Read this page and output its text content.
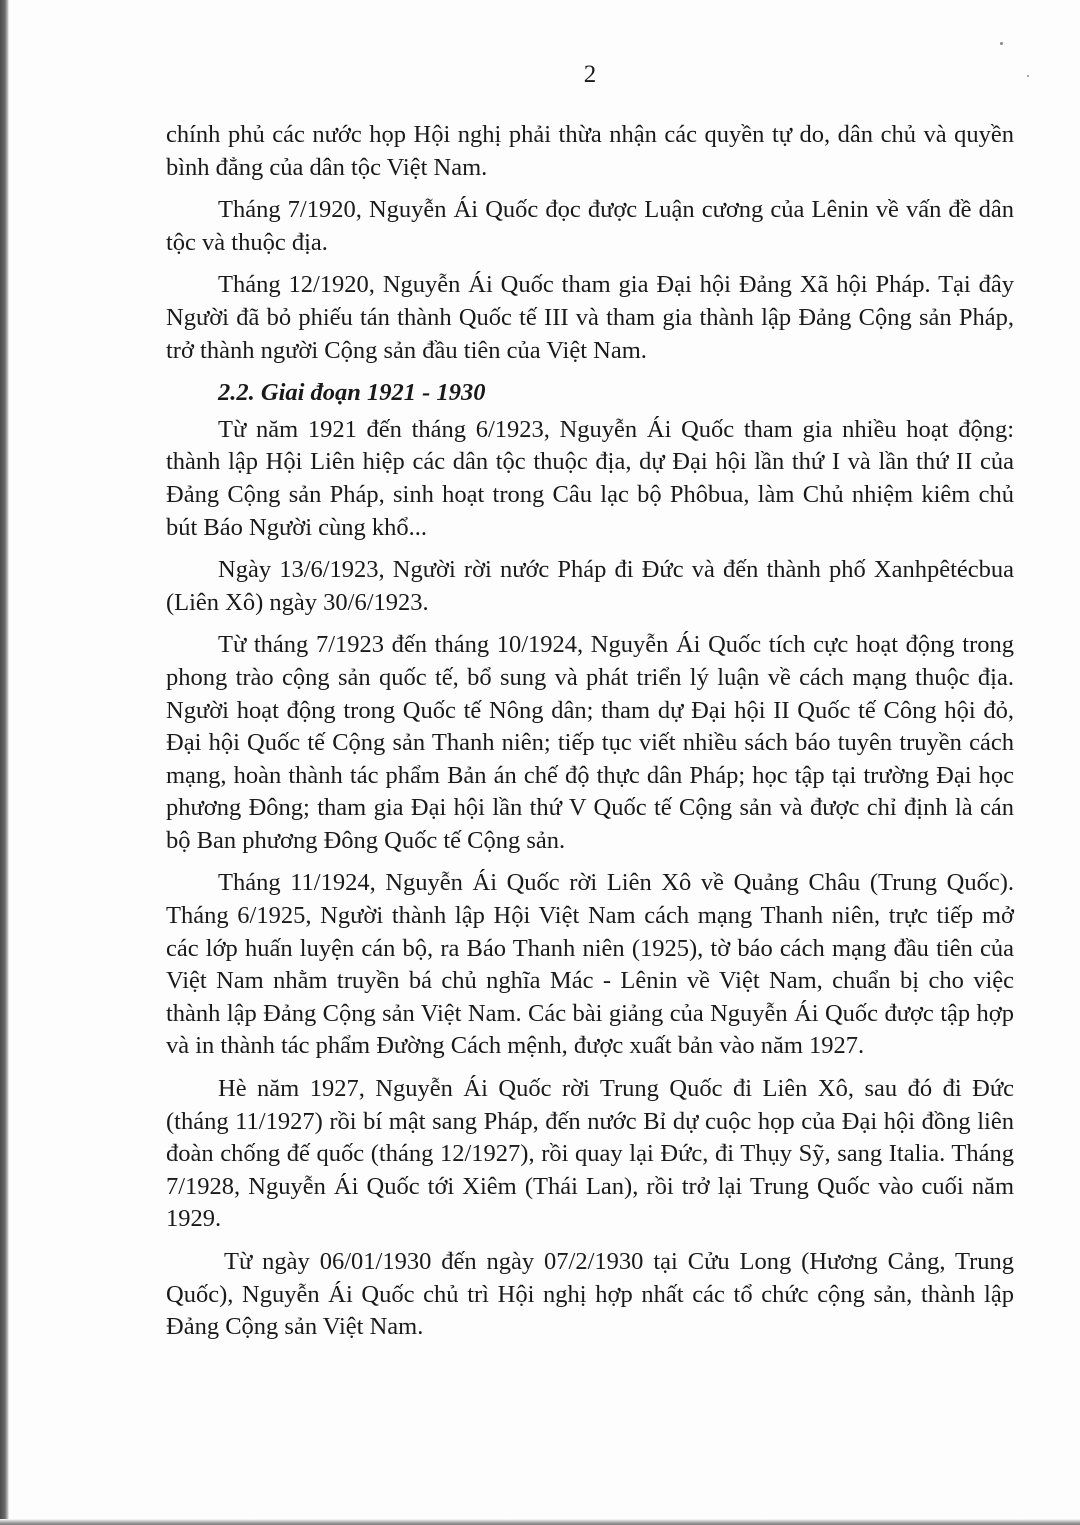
2

chính phủ các nước họp Hội nghị phải thừa nhận các quyền tự do, dân chủ và quyền bình đẳng của dân tộc Việt Nam.

Tháng 7/1920, Nguyễn Ái Quốc đọc được Luận cương của Lênin về vấn đề dân tộc và thuộc địa.

Tháng 12/1920, Nguyễn Ái Quốc tham gia Đại hội Đảng Xã hội Pháp. Tại đây Người đã bỏ phiếu tán thành Quốc tế III và tham gia thành lập Đảng Cộng sản Pháp, trở thành người Cộng sản đầu tiên của Việt Nam.

2.2. Giai đoạn 1921 - 1930

Từ năm 1921 đến tháng 6/1923, Nguyễn Ái Quốc tham gia nhiều hoạt động: thành lập Hội Liên hiệp các dân tộc thuộc địa, dự Đại hội lần thứ I và lần thứ II của Đảng Cộng sản Pháp, sinh hoạt trong Câu lạc bộ Phôbua, làm Chủ nhiệm kiêm chủ bút Báo Người cùng khổ...

Ngày 13/6/1923, Người rời nước Pháp đi Đức và đến thành phố Xanhpêtécbua (Liên Xô) ngày 30/6/1923.

Từ tháng 7/1923 đến tháng 10/1924, Nguyễn Ái Quốc tích cực hoạt động trong phong trào cộng sản quốc tế, bổ sung và phát triển lý luận về cách mạng thuộc địa. Người hoạt động trong Quốc tế Nông dân; tham dự Đại hội II Quốc tế Công hội đỏ, Đại hội Quốc tế Cộng sản Thanh niên; tiếp tục viết nhiều sách báo tuyên truyền cách mạng, hoàn thành tác phẩm Bản án chế độ thực dân Pháp; học tập tại trường Đại học phương Đông; tham gia Đại hội lần thứ V Quốc tế Cộng sản và được chỉ định là cán bộ Ban phương Đông Quốc tế Cộng sản.

Tháng 11/1924, Nguyễn Ái Quốc rời Liên Xô về Quảng Châu (Trung Quốc). Tháng 6/1925, Người thành lập Hội Việt Nam cách mạng Thanh niên, trực tiếp mở các lớp huấn luyện cán bộ, ra Báo Thanh niên (1925), tờ báo cách mạng đầu tiên của Việt Nam nhằm truyền bá chủ nghĩa Mác - Lênin về Việt Nam, chuẩn bị cho việc thành lập Đảng Cộng sản Việt Nam. Các bài giảng của Nguyễn Ái Quốc được tập hợp và in thành tác phẩm Đường Cách mệnh, được xuất bản vào năm 1927.

Hè năm 1927, Nguyễn Ái Quốc rời Trung Quốc đi Liên Xô, sau đó đi Đức (tháng 11/1927) rồi bí mật sang Pháp, đến nước Bỉ dự cuộc họp của Đại hội đồng liên đoàn chống đế quốc (tháng 12/1927), rồi quay lại Đức, đi Thụy Sỹ, sang Italia. Tháng 7/1928, Nguyễn Ái Quốc tới Xiêm (Thái Lan), rồi trở lại Trung Quốc vào cuối năm 1929.

Từ ngày 06/01/1930 đến ngày 07/2/1930 tại Cửu Long (Hương Cảng, Trung Quốc), Nguyễn Ái Quốc chủ trì Hội nghị hợp nhất các tổ chức cộng sản, thành lập Đảng Cộng sản Việt Nam.
